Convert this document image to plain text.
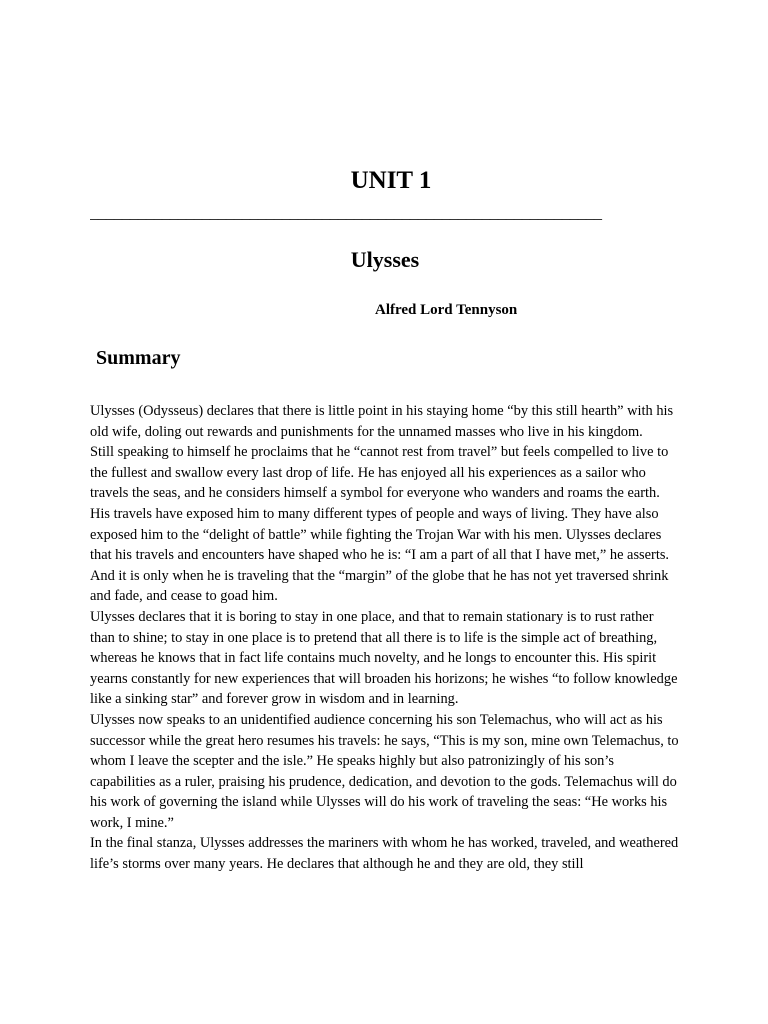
UNIT 1
________________________________________________________________
Ulysses
Alfred Lord Tennyson
Summary

Ulysses (Odysseus) declares that there is little point in his staying home “by this still hearth” with his old wife, doling out rewards and punishments for the unnamed masses who live in his kingdom.

Still speaking to himself he proclaims that he “cannot rest from travel” but feels compelled to live to the fullest and swallow every last drop of life. He has enjoyed all his experiences as a sailor who travels the seas, and he considers himself a symbol for everyone who wanders and roams the earth. His travels have exposed him to many different types of people and ways of living. They have also exposed him to the “delight of battle” while fighting the Trojan War with his men. Ulysses declares that his travels and encounters have shaped who he is: “I am a part of all that I have met,” he asserts. And it is only when he is traveling that the “margin” of the globe that he has not yet traversed shrink and fade, and cease to goad him.

Ulysses declares that it is boring to stay in one place, and that to remain stationary is to rust rather than to shine; to stay in one place is to pretend that all there is to life is the simple act of breathing, whereas he knows that in fact life contains much novelty, and he longs to encounter this. His spirit yearns constantly for new experiences that will broaden his horizons; he wishes “to follow knowledge like a sinking star” and forever grow in wisdom and in learning.

Ulysses now speaks to an unidentified audience concerning his son Telemachus, who will act as his successor while the great hero resumes his travels: he says, “This is my son, mine own Telemachus, to whom I leave the scepter and the isle.” He speaks highly but also patronizingly of his son’s capabilities as a ruler, praising his prudence, dedication, and devotion to the gods. Telemachus will do his work of governing the island while Ulysses will do his work of traveling the seas: “He works his work, I mine.”

In the final stanza, Ulysses addresses the mariners with whom he has worked, traveled, and weathered life’s storms over many years. He declares that although he and they are old, they still
